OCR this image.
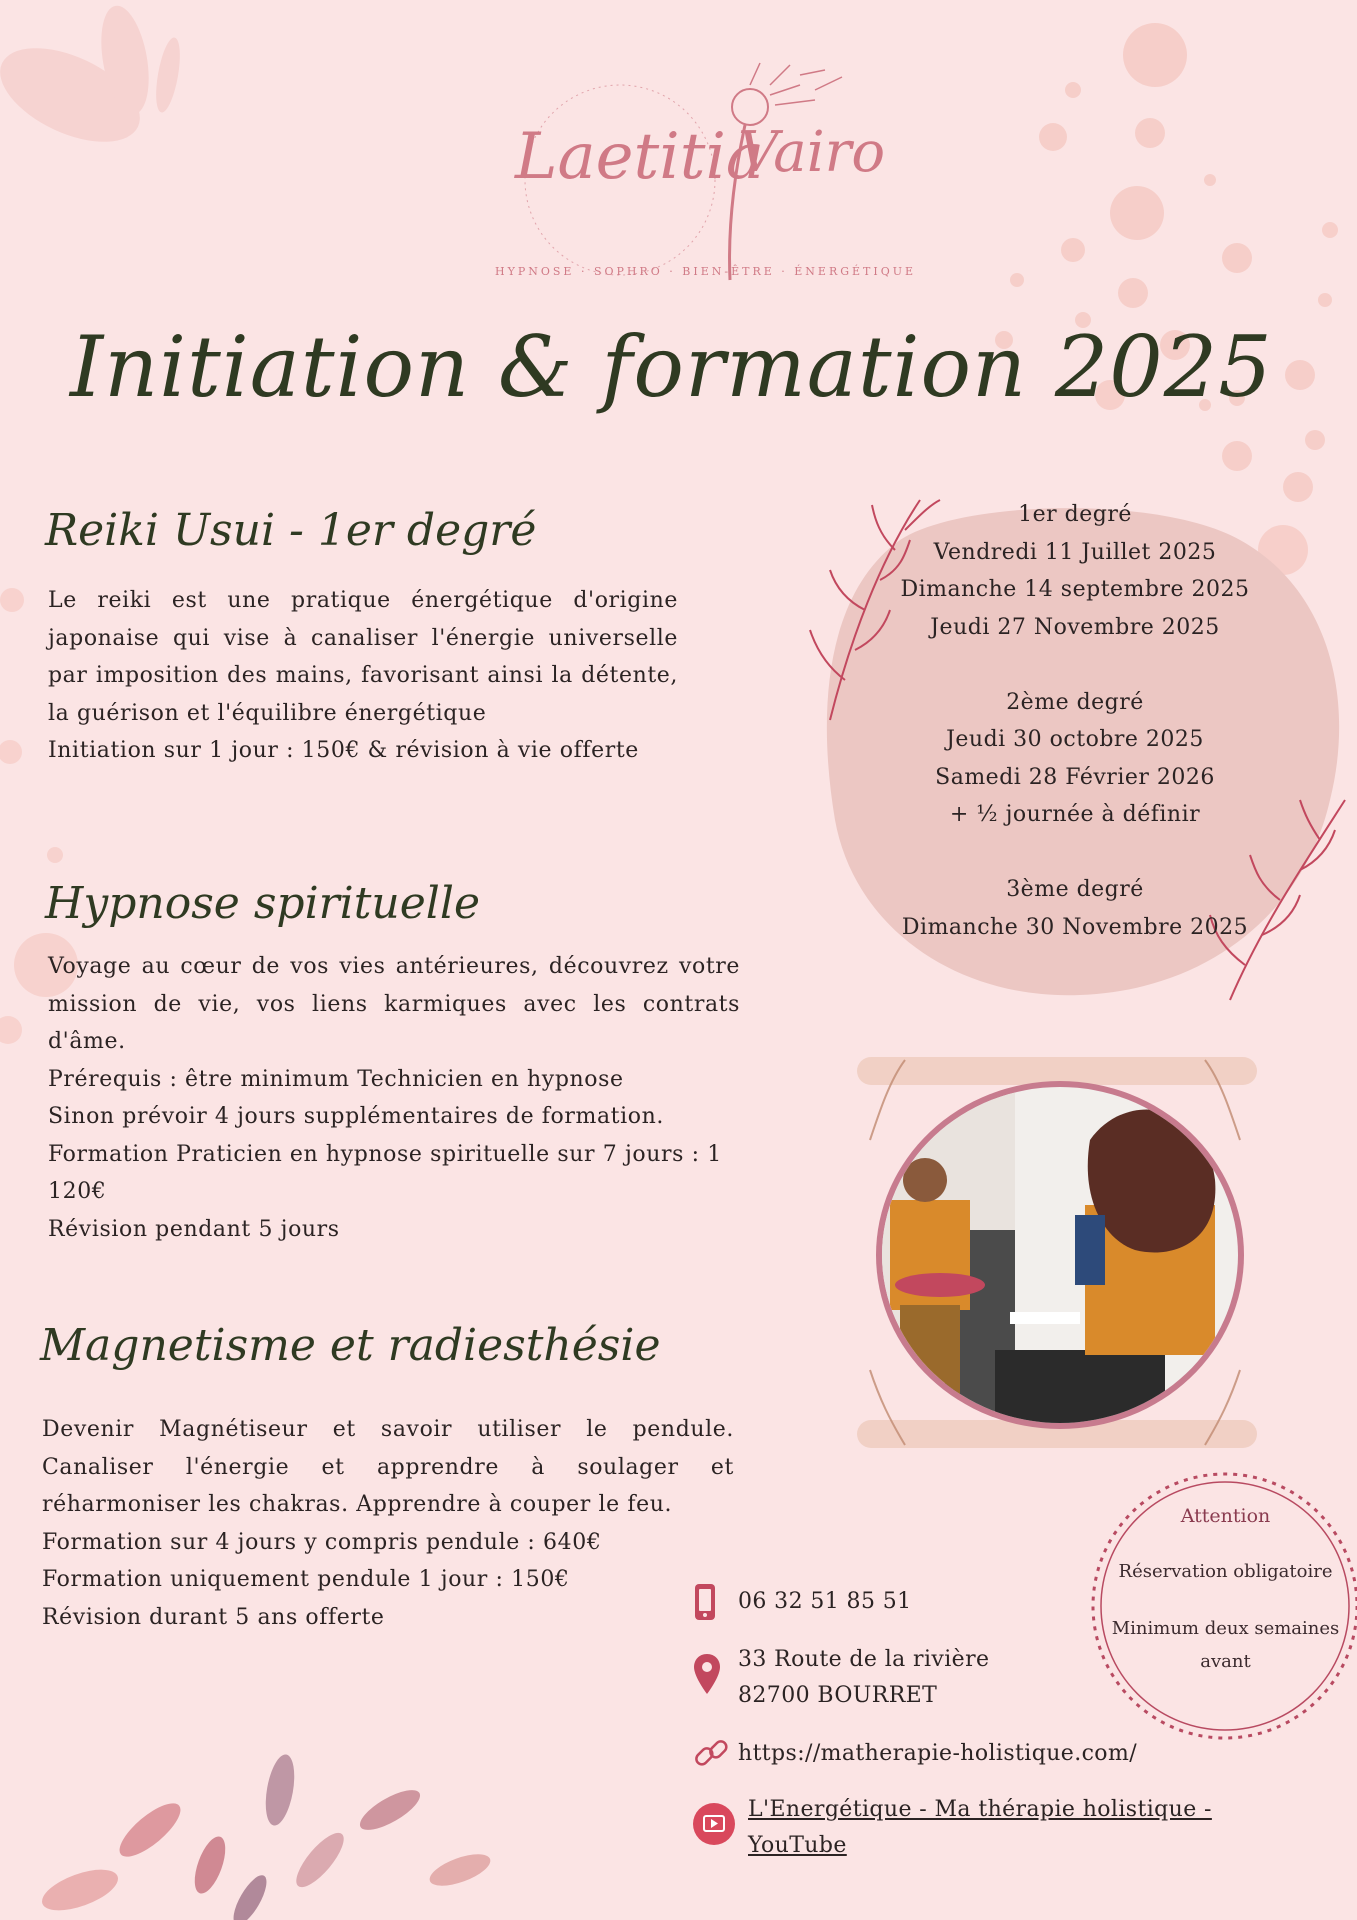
Laetitia
Vairo
HYPNOSE · SOPHRO · BIEN-ÊTRE · ÉNERGÉTIQUE
Initiation & formation 2025
Reiki Usui - 1er degré
Le reiki est une pratique énergétique d'origine japonaise qui vise à canaliser l'énergie universelle par imposition des mains, favorisant ainsi la détente, la guérison et l'équilibre énergétique
Initiation sur 1 jour : 150€ & révision à vie offerte
Hypnose spirituelle
Voyage au cœur de vos vies antérieures, découvrez votre mission de vie, vos liens karmiques avec les contrats d'âme.
Prérequis : être minimum Technicien en hypnose
Sinon prévoir 4 jours supplémentaires de formation.
Formation Praticien en hypnose spirituelle sur 7 jours : 1 120€
Révision pendant 5 jours
Magnetisme et radiesthésie
Devenir Magnétiseur et savoir utiliser le pendule. Canaliser l'énergie et apprendre à soulager et réharmoniser les chakras. Apprendre à couper le feu.
Formation sur 4 jours y compris pendule : 640€
Formation uniquement pendule 1 jour : 150€
Révision durant 5 ans offerte
1er degré
Vendredi 11 Juillet 2025
Dimanche 14 septembre 2025
Jeudi 27 Novembre 2025
2ème degré
Jeudi 30 octobre 2025
Samedi 28 Février 2026
+ ½ journée à définir
3ème degré
Dimanche 30 Novembre 2025
Attention
Réservation obligatoire
Minimum deux semaines avant
06 32 51 85 51
33 Route de la rivière
82700 BOURRET
https://matherapie-holistique.com/
L'Energétique - Ma thérapie holistique - YouTube
